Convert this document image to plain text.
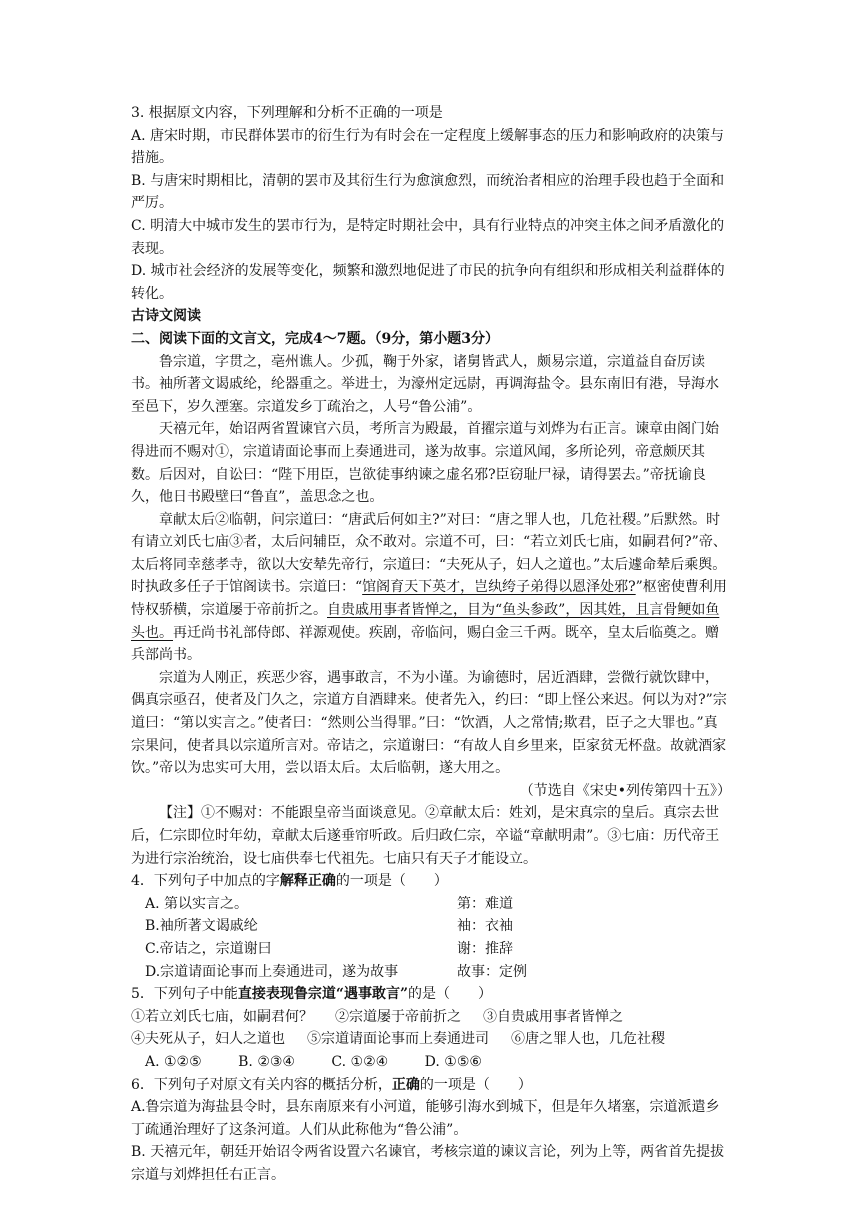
3. 根据原文内容，下列理解和分析不正确的一项是

A. 唐宋时期，市民群体罢市的衍生行为有时会在一定程度上缓解事态的压力和影响政府的决策与措施。

B. 与唐宋时期相比，清朝的罢市及其衍生行为愈演愈烈，而统治者相应的治理手段也趋于全面和严厉。

C. 明清大中城市发生的罢市行为，是特定时期社会中，具有行业特点的冲突主体之间矛盾激化的表现。

D. 城市社会经济的发展等变化，频繁和激烈地促进了市民的抗争向有组织和形成相关利益群体的转化。

古诗文阅读

二、阅读下面的文言文，完成4～7题。（9分，第小题3分）

鲁宗道，字贯之，亳州谯人。少孤，鞠于外家，诸舅皆武人，颇易宗道，宗道益自奋厉读书。袖所著文谒戚纶，纶器重之。举进士，为濠州定远尉，再调海盐令。县东南旧有港，导海水至邑下，岁久湮塞。宗道发乡丁疏治之，人号“鲁公浦”。

天禧元年，始诏两省置谏官六员，考所言为殿最，首擢宗道与刘烨为右正言。谏章由阁门始得进而不赐对①，宗道请面论事而上奏通进司，遂为故事。宗道风闻，多所论列，帝意颇厌其数。后因对，自讼曰：“陛下用臣，岂欲徒事纳谏之虚名邪?臣窃耻尸禄，请得罢去。”帝抚谕良久，他日书殿壁曰“鲁直”，盖思念之也。

章献太后②临朝，问宗道曰：“唐武后何如主?”对曰：“唐之罪人也，几危社稷。”后默然。时有请立刘氏七庙③者，太后问辅臣，众不敢对。宗道不可，曰：“若立刘氏七庙，如嗣君何?”帝、太后将同幸慈孝寺，欲以大安辇先帝行，宗道曰：“夫死从子，妇人之道也。”太后遽命辇后乘舆。时执政多任子于馆阁读书。宗道曰：“馆阁育天下英才，岂纨绔子弟得以恩泽处邪?”枢密使曹利用恃权骄横，宗道屡于帝前折之。自贵戚用事者皆惮之，目为“鱼头参政”，因其姓，且言骨鲠如鱼头也。再迁尚书礼部侍郎、祥源观使。疾剧，帝临问，赐白金三千两。既卒，皇太后临奠之。赠兵部尚书。

宗道为人刚正，疾恶少容，遇事敢言，不为小谨。为谕德时，居近酒肆，尝微行就饮肆中，偶真宗亟召，使者及门久之，宗道方自酒肆来。使者先入，约曰：“即上怪公来迟。何以为对?”宗道曰：“第以实言之。”使者曰：“然则公当得罪。”曰：“饮酒，人之常情;欺君，臣子之大罪也。”真宗果问，使者具以宗道所言对。帝诘之，宗道谢曰：“有故人自乡里来，臣家贫无杯盘。故就酒家饮。”帝以为忠实可大用，尝以语太后。太后临朝，遂大用之。

（节选自《宋史•列传第四十五》）

【注】①不赐对：不能跟皇帝当面谈意见。②章献太后：姓刘，是宋真宗的皇后。真宗去世后，仁宗即位时年幼，章献太后遂垂帘听政。后归政仁宗，卒谥“章献明肃”。③七庙：历代帝王为进行宗治统治，设七庙供奉七代祖先。七庙只有天子才能设立。

4．下列句子中加点的字解释正确的一项是（　　）

A. 第以实言之。	第：难道
B.袖所著文谒戚纶	袖：衣袖
C.帝诘之，宗道谢曰	谢：推辞
D.宗道请面论事而上奏通进司，遂为故事	故事：定例

5．下列句子中能直接表现鲁宗道“遇事敢言”的是（　　）

①若立刘氏七庙，如嗣君何？ ②宗道屡于帝前折之 ③自贵戚用事者皆惮之
④夫死从子，妇人之道也 ⑤宗道请面论事而上奏通进司 ⑥唐之罪人也，几危社稷
A. ①②⑤	B. ②③④	C. ①②④	D. ①⑤⑥

6．下列句子对原文有关内容的概括分析，正确的一项是（　　）

A.鲁宗道为海盐县令时，县东南原来有小河道，能够引海水到城下，但是年久堵塞，宗道派遣乡丁疏通治理好了这条河道。人们从此称他为“鲁公浦”。

B. 天禧元年，朝廷开始诏令两省设置六名谏官，考核宗道的谏议言论，列为上等，两省首先提拔宗道与刘烨担任右正言。
